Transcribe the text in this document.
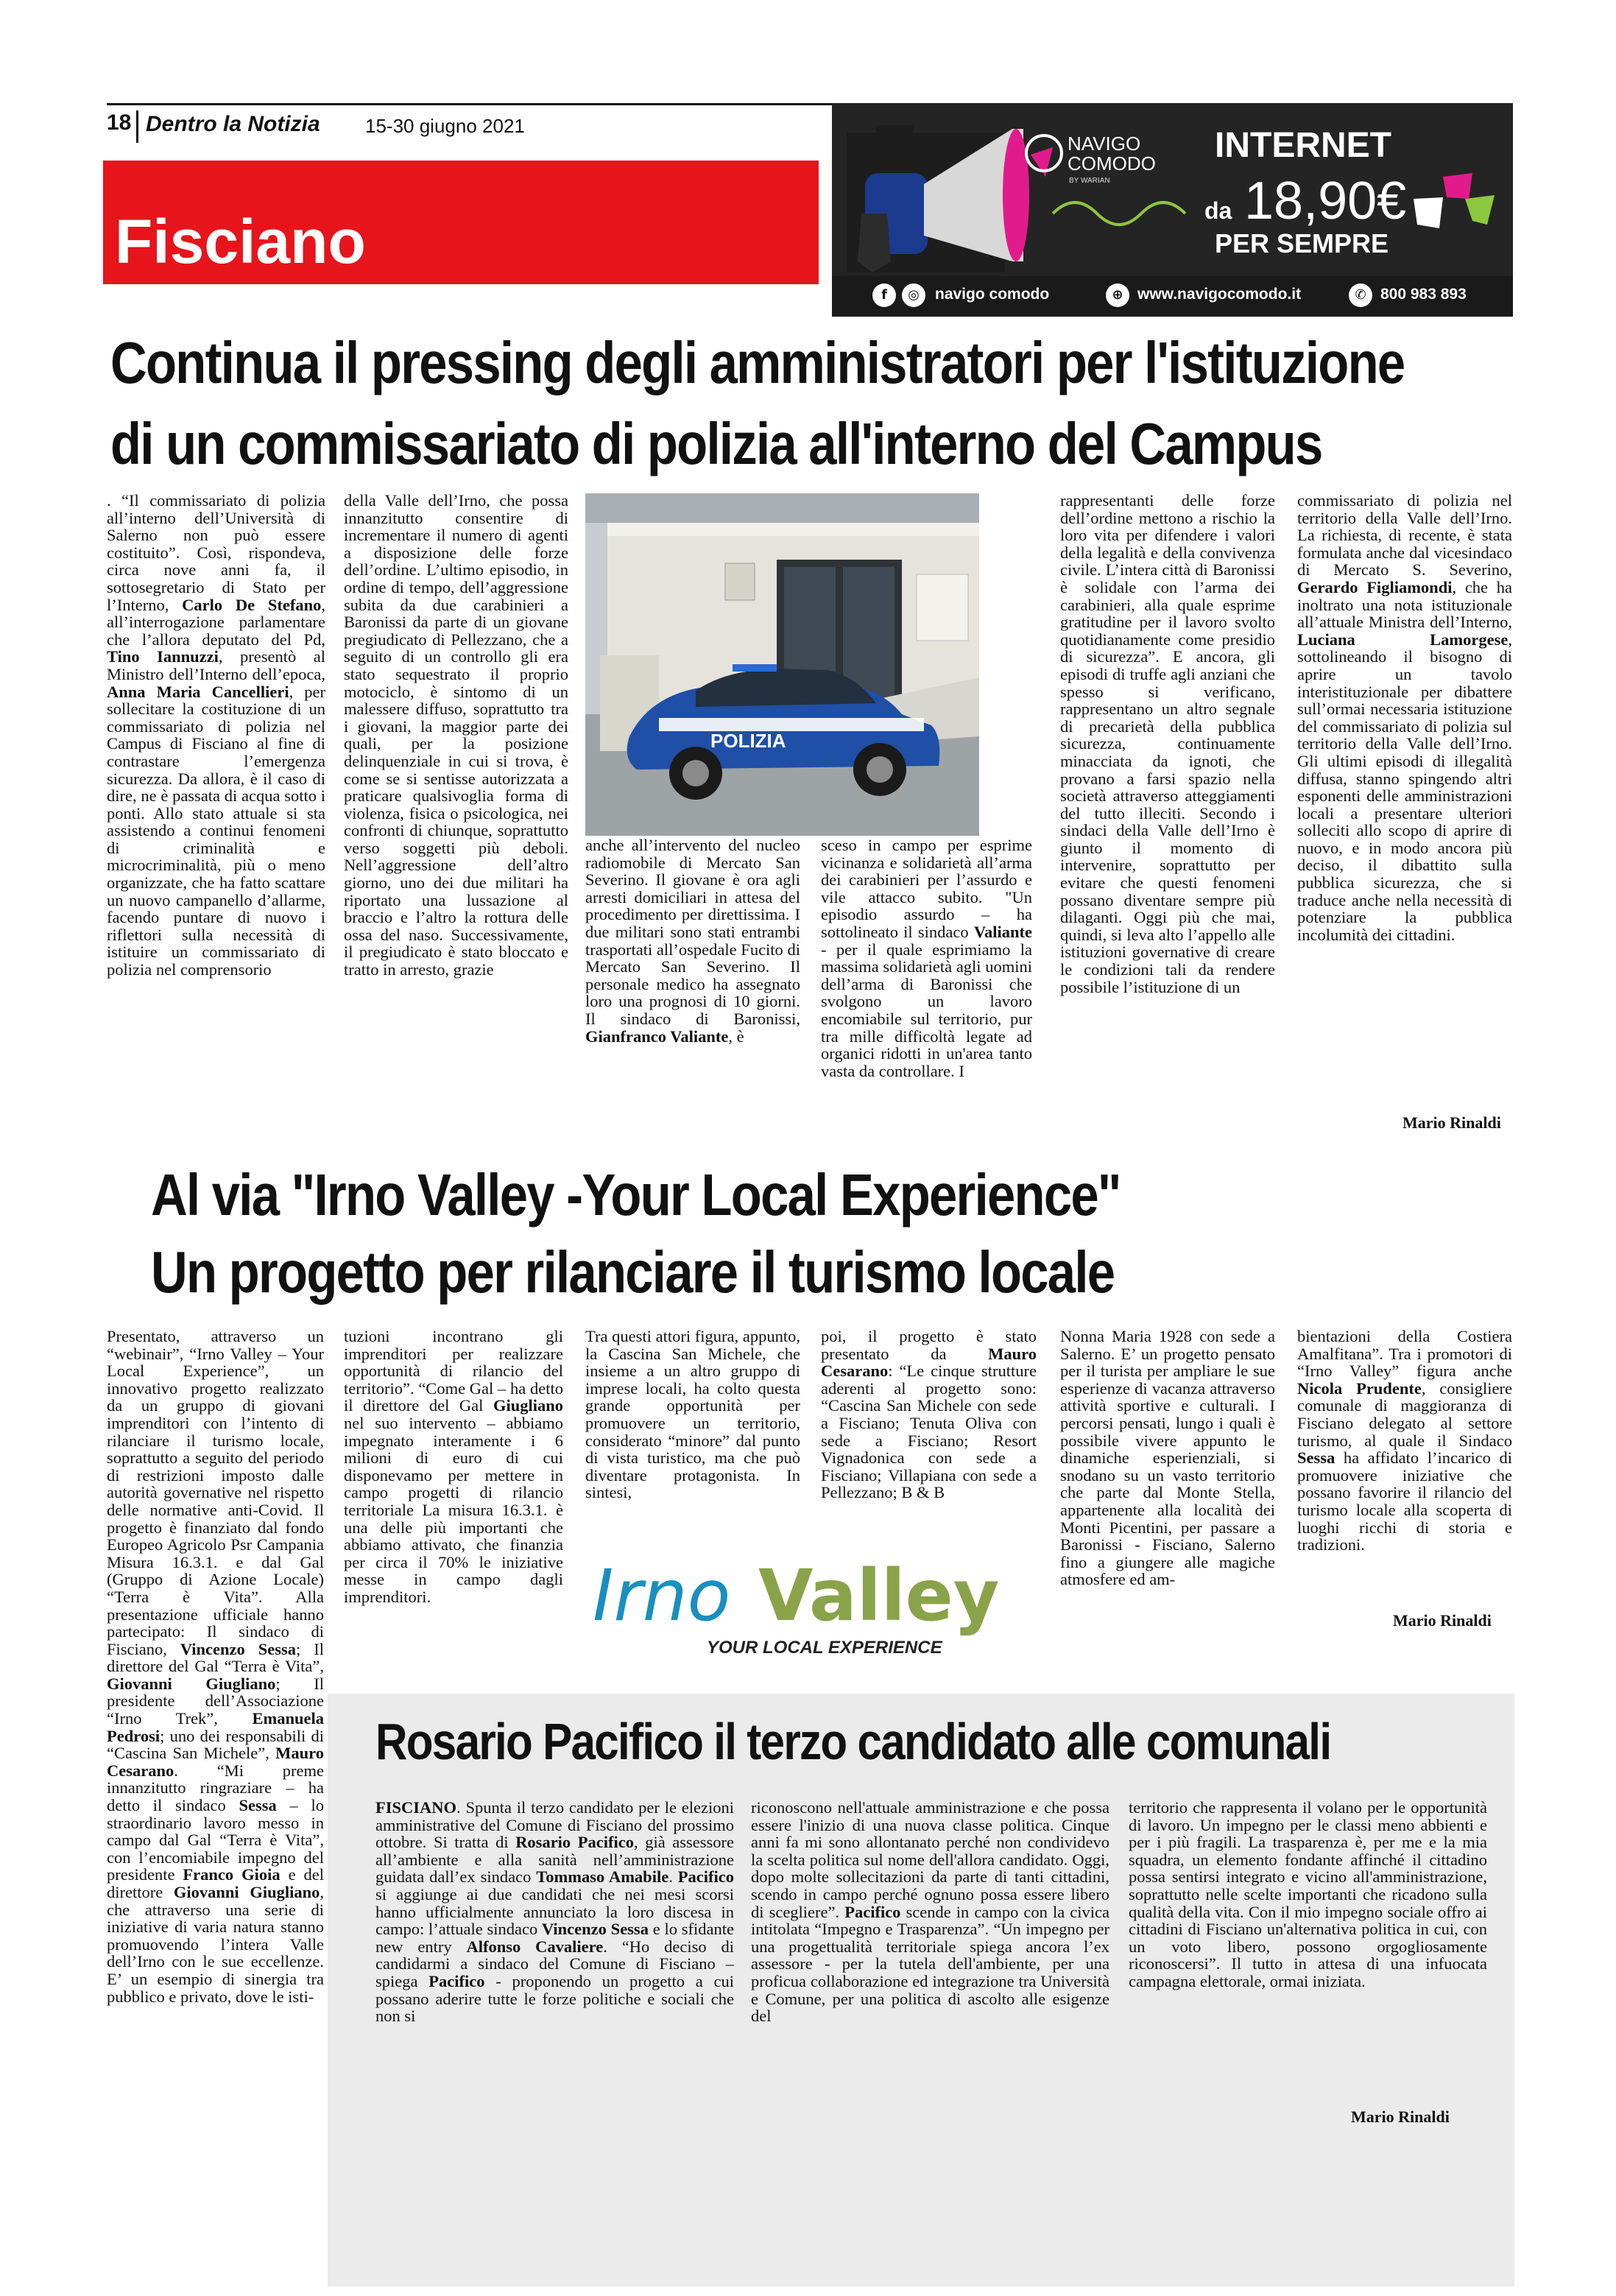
18 Dentro la Notizia 15-30 giugno 2021
Fisciano
NAVIGO
COMODO
BY WARIAN
INTERNET
da 18,90€
PER SEMPRE
f	◎	navigo comodo	⊕ www.navigocomodo.it	✆ 800 983 893
Continua il pressing degli amministratori per l'istituzione
di un commissariato di polizia all'interno del Campus
. “Il commissariato di polizia all’interno dell’Università di Salerno non può essere costituito”. Così, rispondeva, circa nove anni fa, il sottosegretario di Stato per l’Interno, Carlo De Stefano, all’interrogazione parlamentare che l’allora deputato del Pd, Tino Iannuzzi, presentò al Ministro dell’Interno dell’epoca, Anna Maria Cancellieri, per sollecitare la costituzione di un commissariato di polizia nel Campus di Fisciano al fine di contrastare l’emergenza sicurezza. Da allora, è il caso di dire, ne è passata di acqua sotto i ponti. Allo stato attuale si sta assistendo a continui fenomeni di criminalità e microcriminalità, più o meno organizzate, che ha fatto scattare un nuovo campanello d’allarme, facendo puntare di nuovo i riflettori sulla necessità di istituire un commissariato di polizia nel comprensorio
della Valle dell’Irno, che possa innanzitutto consentire di incrementare il numero di agenti a disposizione delle forze dell’ordine. L’ultimo episodio, in ordine di tempo, dell’aggressione subita da due carabinieri a Baronissi da parte di un giovane pregiudicato di Pellezzano, che a seguito di un controllo gli era stato sequestrato il proprio motociclo, è sintomo di un malessere diffuso, soprattutto tra i giovani, la maggior parte dei quali, per la posizione delinquenziale in cui si trova, è come se si sentisse autorizzata a praticare qualsivoglia forma di violenza, fisica o psicologica, nei confronti di chiunque, soprattutto verso soggetti più deboli. Nell’aggressione dell’altro giorno, uno dei due militari ha riportato una lussazione al braccio e l’altro la rottura delle ossa del naso. Successivamente, il pregiudicato è stato bloccato e tratto in arresto, grazie
POLIZIA
anche all’intervento del nucleo radiomobile di Mercato San Severino. Il giovane è ora agli arresti domiciliari in attesa del procedimento per direttissima. I due militari sono stati entrambi trasportati all’ospedale Fucito di Mercato San Severino. Il personale medico ha assegnato loro una prognosi di 10 giorni. Il sindaco di Baronissi, Gianfranco Valiante, è
sceso in campo per esprime vicinanza e solidarietà all’arma dei carabinieri per l’assurdo e vile attacco subito. "Un episodio assurdo – ha sottolineato il sindaco Valiante - per il quale esprimiamo la massima solidarietà agli uomini dell’arma di Baronissi che svolgono un lavoro encomiabile sul territorio, pur tra mille difficoltà legate ad organici ridotti in un'area tanto vasta da controllare. I
rappresentanti delle forze dell’ordine mettono a rischio la loro vita per difendere i valori della legalità e della convivenza civile. L’intera città di Baronissi è solidale con l’arma dei carabinieri, alla quale esprime gratitudine per il lavoro svolto quotidianamente come presidio di sicurezza”. E ancora, gli episodi di truffe agli anziani che spesso si verificano, rappresentano un altro segnale di precarietà della pubblica sicurezza, continuamente minacciata da ignoti, che provano a farsi spazio nella società attraverso atteggiamenti del tutto illeciti. Secondo i sindaci della Valle dell’Irno è giunto il momento di intervenire, soprattutto per evitare che questi fenomeni possano diventare sempre più dilaganti. Oggi più che mai, quindi, si leva alto l’appello alle istituzioni governative di creare le condizioni tali da rendere possibile l’istituzione di un
commissariato di polizia nel territorio della Valle dell’Irno. La richiesta, di recente, è stata formulata anche dal vicesindaco di Mercato S. Severino, Gerardo Figliamondi, che ha inoltrato una nota istituzionale all’attuale Ministra dell’Interno, Luciana Lamorgese, sottolineando il bisogno di aprire un tavolo interistituzionale per dibattere sull’ormai necessaria istituzione del commissariato di polizia sul territorio della Valle dell’Irno. Gli ultimi episodi di illegalità diffusa, stanno spingendo altri esponenti delle amministrazioni locali a presentare ulteriori solleciti allo scopo di aprire di nuovo, e in modo ancora più deciso, il dibattito sulla pubblica sicurezza, che si traduce anche nella necessità di potenziare la pubblica incolumità dei cittadini.
Mario Rinaldi
Al via "Irno Valley -Your Local Experience"
Un progetto per rilanciare il turismo locale
Presentato, attraverso un “webinair”, “Irno Valley – Your Local Experience”, un innovativo progetto realizzato da un gruppo di giovani imprenditori con l’intento di rilanciare il turismo locale, soprattutto a seguito del periodo di restrizioni imposto dalle autorità governative nel rispetto delle normative anti-Covid. Il progetto è finanziato dal fondo Europeo Agricolo Psr Campania Misura 16.3.1. e dal Gal (Gruppo di Azione Locale) “Terra è Vita”. Alla presentazione ufficiale hanno partecipato: Il sindaco di Fisciano, Vincenzo Sessa; Il direttore del Gal “Terra è Vita”, Giovanni Giugliano; Il presidente dell’Associazione “Irno Trek”, Emanuela Pedrosi; uno dei responsabili di “Cascina San Michele”, Mauro Cesarano. “Mi preme innanzitutto ringraziare – ha detto il sindaco Sessa – lo straordinario lavoro messo in campo dal Gal “Terra è Vita”, con l’encomiabile impegno del presidente Franco Gioia e del direttore Giovanni Giugliano, che attraverso una serie di iniziative di varia natura stanno promuovendo l’intera Valle dell’Irno con le sue eccellenze. E’ un esempio di sinergia tra pubblico e privato, dove le isti-
tuzioni incontrano gli imprenditori per realizzare opportunità di rilancio del territorio”. “Come Gal – ha detto il direttore del Gal Giugliano nel suo intervento – abbiamo impegnato interamente i 6 milioni di euro di cui disponevamo per mettere in campo progetti di rilancio territoriale La misura 16.3.1. è una delle più importanti che abbiamo attivato, che finanzia per circa il 70% le iniziative messe in campo dagli imprenditori.
Tra questi attori figura, appunto, la Cascina San Michele, che insieme a un altro gruppo di imprese locali, ha colto questa grande opportunità per promuovere un territorio, considerato “minore” dal punto di vista turistico, ma che può diventare protagonista. In sintesi,
poi, il progetto è stato presentato da Mauro Cesarano: “Le cinque strutture aderenti al progetto sono: “Cascina San Michele con sede a Fisciano; Tenuta Oliva con sede a Fisciano; Resort Vignadonica con sede a Fisciano; Villapiana con sede a Pellezzano; B & B
Irno Valley
YOUR LOCAL EXPERIENCE
Nonna Maria 1928 con sede a Salerno. E’ un progetto pensato per il turista per ampliare le sue esperienze di vacanza attraverso attività sportive e culturali. I percorsi pensati, lungo i quali è possibile vivere appunto le dinamiche esperienziali, si snodano su un vasto territorio che parte dal Monte Stella, appartenente alla località dei Monti Picentini, per passare a Baronissi - Fisciano, Salerno fino a giungere alle magiche atmosfere ed am-
bientazioni della Costiera Amalfitana”. Tra i promotori di “Irno Valley” figura anche Nicola Prudente, consigliere comunale di maggioranza di Fisciano delegato al settore turismo, al quale il Sindaco Sessa ha affidato l’incarico di promuovere iniziative che possano favorire il rilancio del turismo locale alla scoperta di luoghi ricchi di storia e tradizioni.
Mario Rinaldi
Rosario Pacifico il terzo candidato alle comunali
FISCIANO. Spunta il terzo candidato per le elezioni amministrative del Comune di Fisciano del prossimo ottobre. Si tratta di Rosario Pacifico, già assessore all’ambiente e alla sanità nell’amministrazione guidata dall’ex sindaco Tommaso Amabile. Pacifico si aggiunge ai due candidati che nei mesi scorsi hanno ufficialmente annunciato la loro discesa in campo: l’attuale sindaco Vincenzo Sessa e lo sfidante new entry Alfonso Cavaliere. “Ho deciso di candidarmi a sindaco del Comune di Fisciano – spiega Pacifico - proponendo un progetto a cui possano aderire tutte le forze politiche e sociali che non si
riconoscono nell'attuale amministrazione e che possa essere l'inizio di una nuova classe politica. Cinque anni fa mi sono allontanato perché non condividevo la scelta politica sul nome dell'allora candidato. Oggi, dopo molte sollecitazioni da parte di tanti cittadini, scendo in campo perché ognuno possa essere libero di scegliere”. Pacifico scende in campo con la civica intitolata “Impegno e Trasparenza”. “Un impegno per una progettualità territoriale spiega ancora l’ex assessore - per la tutela dell'ambiente, per una proficua collaborazione ed integrazione tra Università e Comune, per una politica di ascolto alle esigenze del
territorio che rappresenta il volano per le opportunità di lavoro. Un impegno per le classi meno abbienti e per i più fragili. La trasparenza è, per me e la mia squadra, un elemento fondante affinché il cittadino possa sentirsi integrato e vicino all'amministrazione, soprattutto nelle scelte importanti che ricadono sulla qualità della vita. Con il mio impegno sociale offro ai cittadini di Fisciano un'alternativa politica in cui, con un voto libero, possono orgogliosamente riconoscersi”. Il tutto in attesa di una infuocata campagna elettorale, ormai iniziata.
Mario Rinaldi
